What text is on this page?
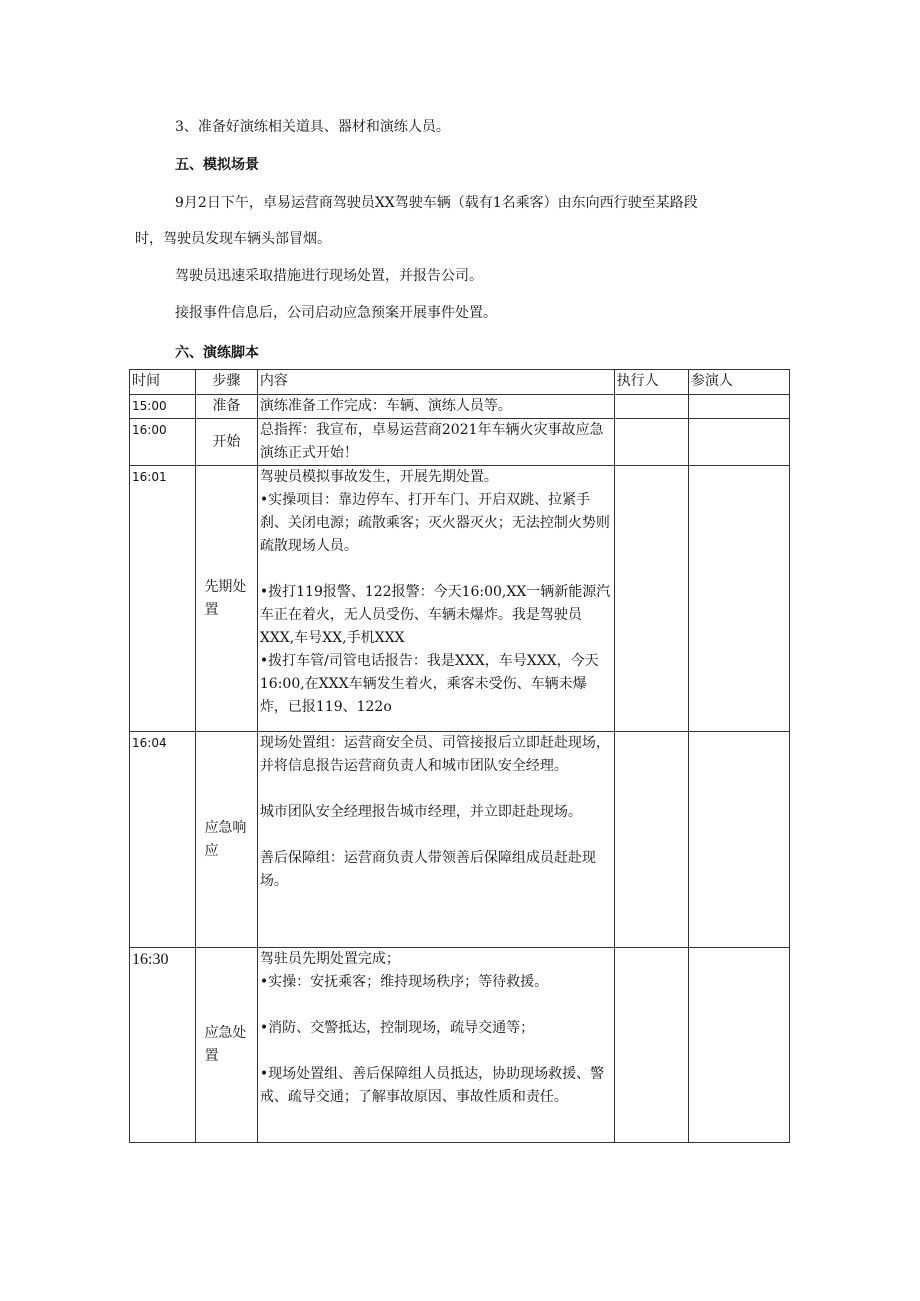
3、准备好演练相关道具、器材和演练人员。

五、模拟场景

9月2日下午，卓易运营商驾驶员XX驾驶车辆（载有1名乘客）由东向西行驶至某路段

时，驾驶员发现车辆头部冒烟。

驾驶员迅速采取措施进行现场处置，并报告公司。

接报事件信息后，公司启动应急预案开展事件处置。

六、演练脚本

时间	步骤	内容	执行人	参演人
15:00	准备	演练准备工作完成：车辆、演练人员等。		

16:00	开始	总指挥：我宣布，卓易运营商2021年车辆火灾事故应急演练正式开始！		

16:01	先期处置	驾驶员模拟事故发生，开展先期处置。

•实操项目：靠边停车、打开车门、开启双跳、拉紧手刹、关闭电源；疏散乘客；灭火器灭火；无法控制火势则疏散现场人员。

•拨打119报警、122报警：今天16:00,XX一辆新能源汽车正在着火，无人员受伤、车辆未爆炸。我是驾驶员XXX,车号XX,手机XXX

•拨打车管/司管电话报告：我是XXX，车号XXX，今天16:00,在XXX车辆发生着火，乘客未受伤、车辆未爆炸，已报119、122o		

16:04	应急响应	现场处置组：运营商安全员、司管接报后立即赶赴现场，并将信息报告运营商负责人和城市团队安全经理。

城市团队安全经理报告城市经理，并立即赶赴现场。

善后保障组：运营商负责人带领善后保障组成员赶赴现场。		

16:30	应急处置	驾驻员先期处置完成；

•实操：安抚乘客；维持现场秩序；等待救援。

•消防、交警抵达，控制现场，疏导交通等；

•现场处置组、善后保障组人员抵达，协助现场救援、警戒、疏导交通；了解事故原因、事故性质和责任。		
